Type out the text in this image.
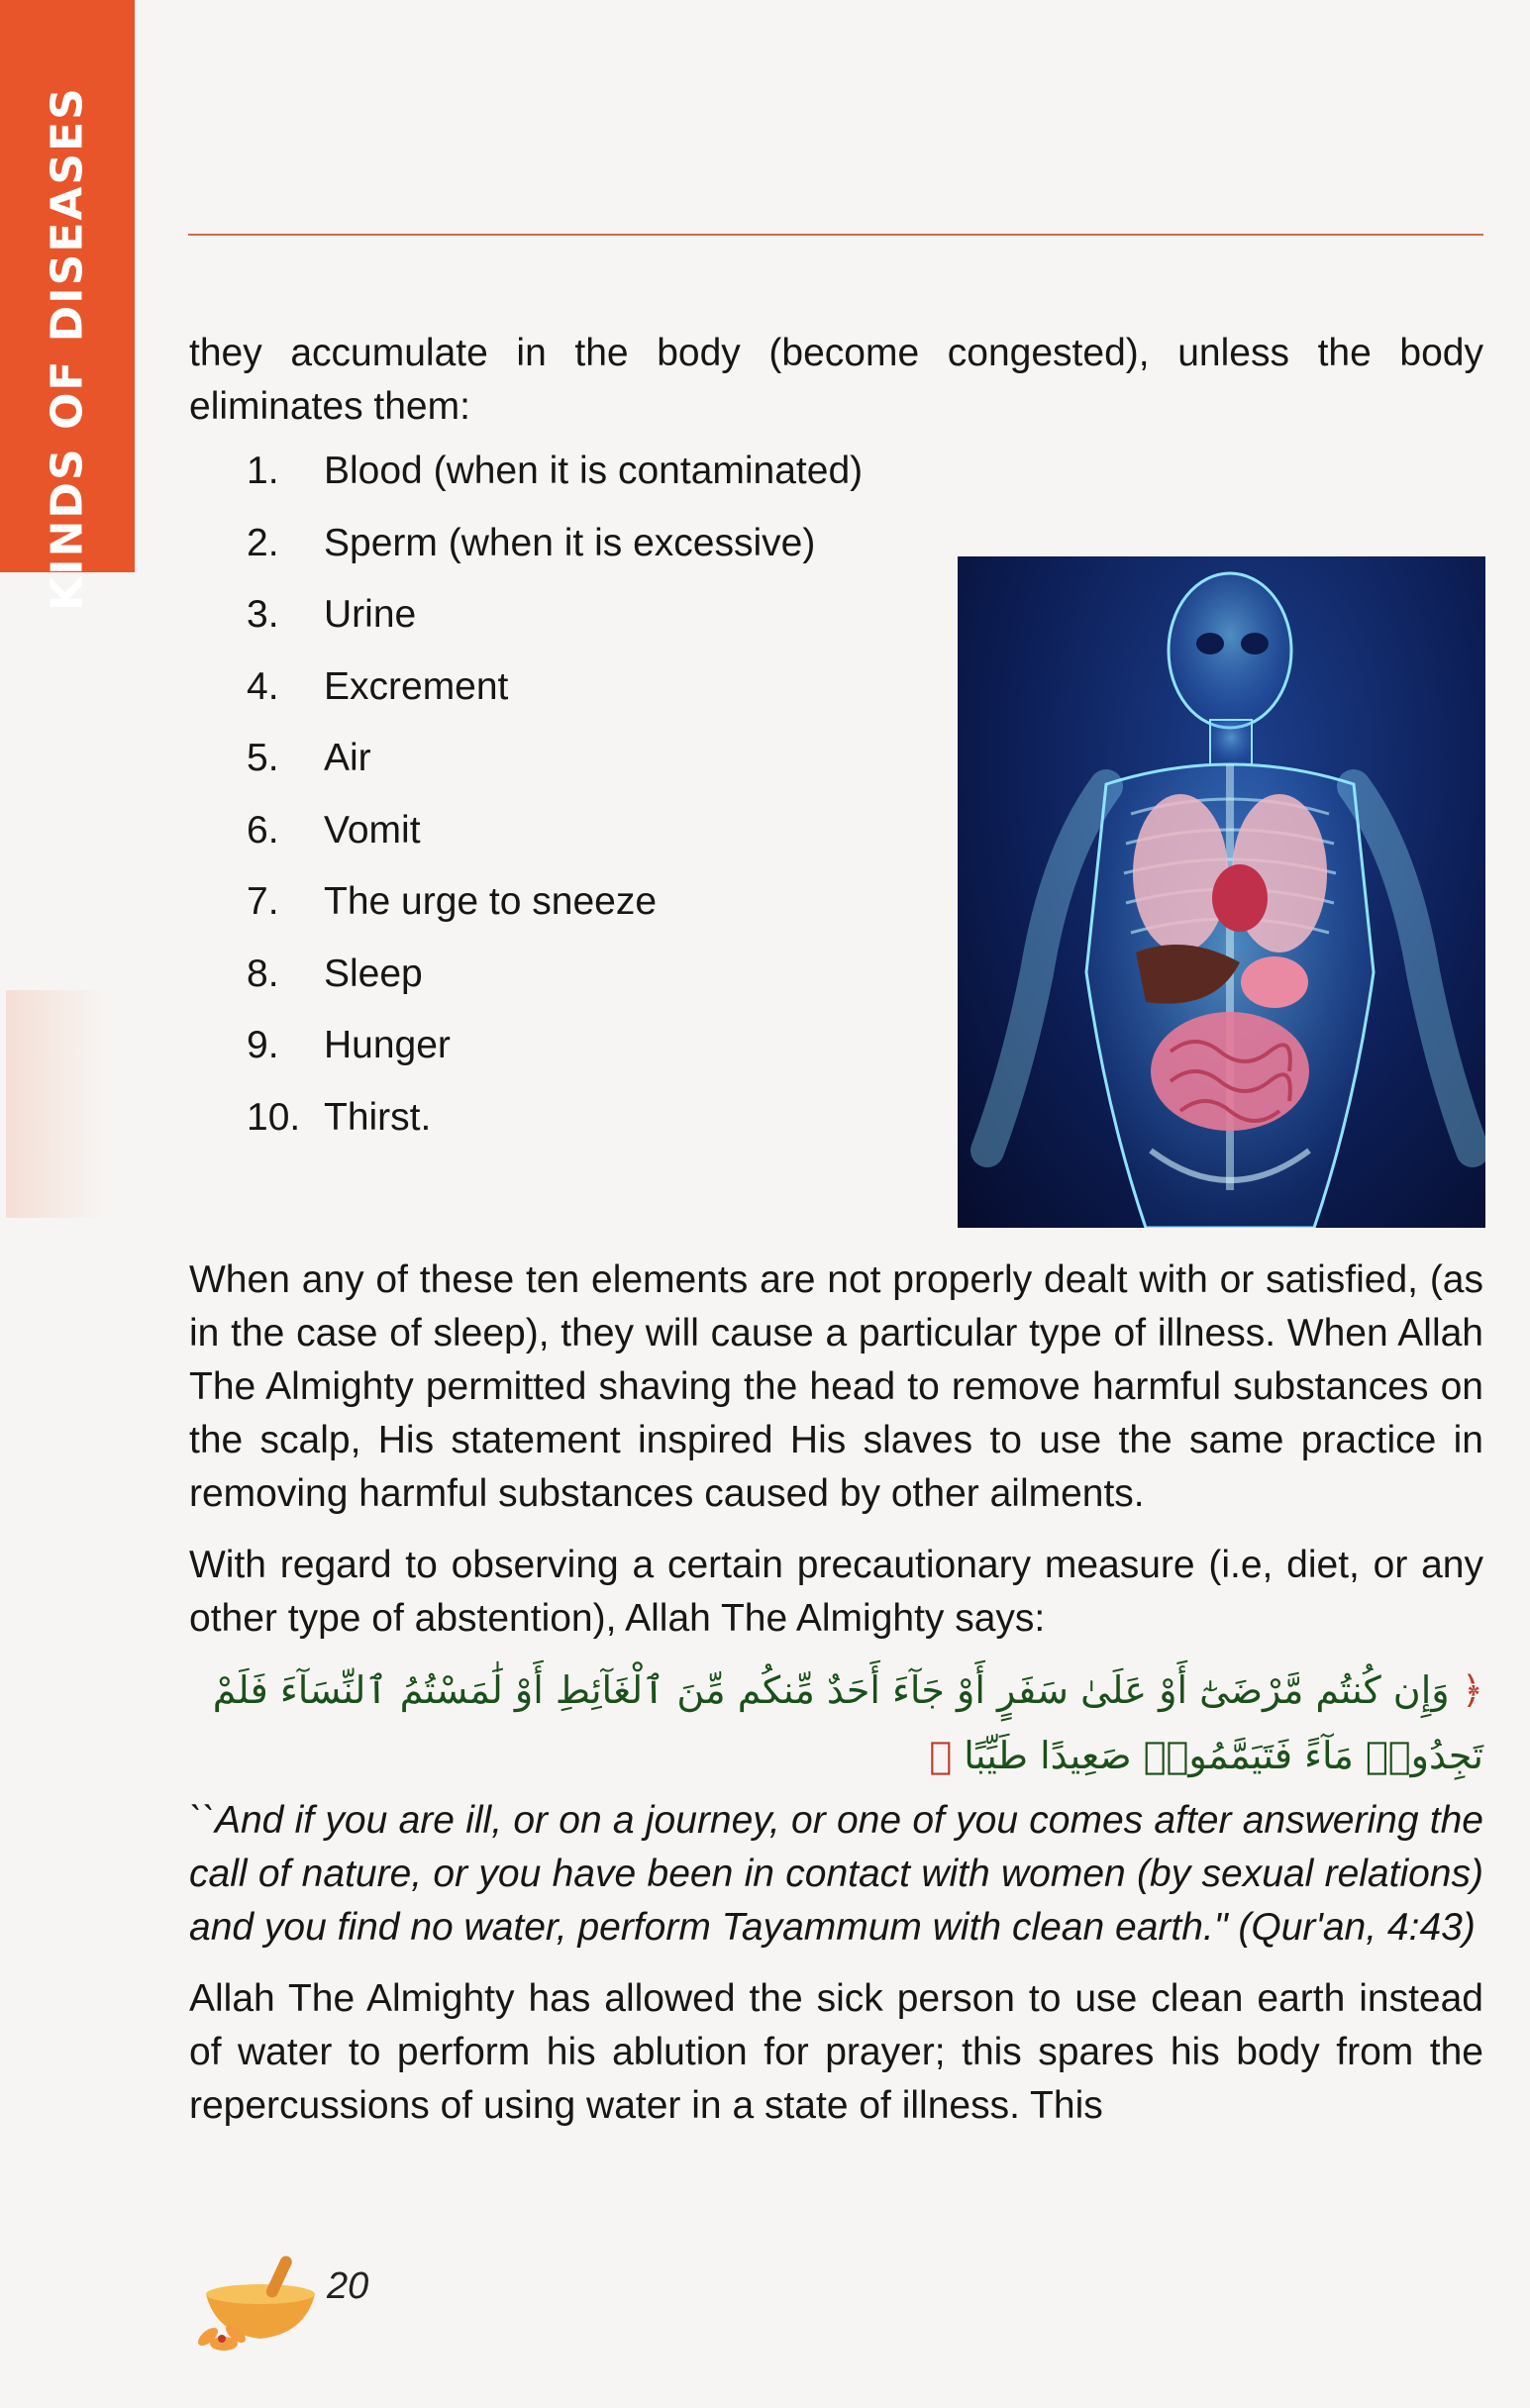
KINDS OF DISEASES	they accumulate in the body (become congested), unless the body eliminates them:

1. Blood (when it is contaminated)
2. Sperm (when it is excessive)
3. Urine
4. Excrement
5. Air
6. Vomit
7. The urge to sneeze
8. Sleep
9. Hunger
10. Thirst.

When any of these ten elements are not properly dealt with or satisfied, (as in the case of sleep), they will cause a particular type of illness. When Allah The Almighty permitted shaving the head to remove harmful substances on the scalp, His statement inspired His slaves to use the same practice in removing harmful substances caused by other ailments.

With regard to observing a certain precautionary measure (i.e, diet, or any other type of abstention), Allah The Almighty says:

﴿ وَإِن كُنتُم مَّرْضَىٰٓ أَوْ عَلَىٰ سَفَرٍ أَوْ جَآءَ أَحَدٌ مِّنكُم مِّنَ ٱلْغَآئِطِ أَوْ لَٰمَسْتُمُ ٱلنِّسَآءَ فَلَمْ
تَجِدُوا۟ مَآءً فَتَيَمَّمُوا۟ صَعِيدًا طَيِّبًا ﴾

``And if you are ill, or on a journey, or one of you comes after answering the call of nature, or you have been in contact with women (by sexual relations) and you find no water, perform Tayammum with clean earth." (Qur'an, 4:43)

Allah The Almighty has allowed the sick person to use clean earth instead of water to perform his ablution for prayer; this spares his body from the repercussions of using water in a state of illness. This

20
